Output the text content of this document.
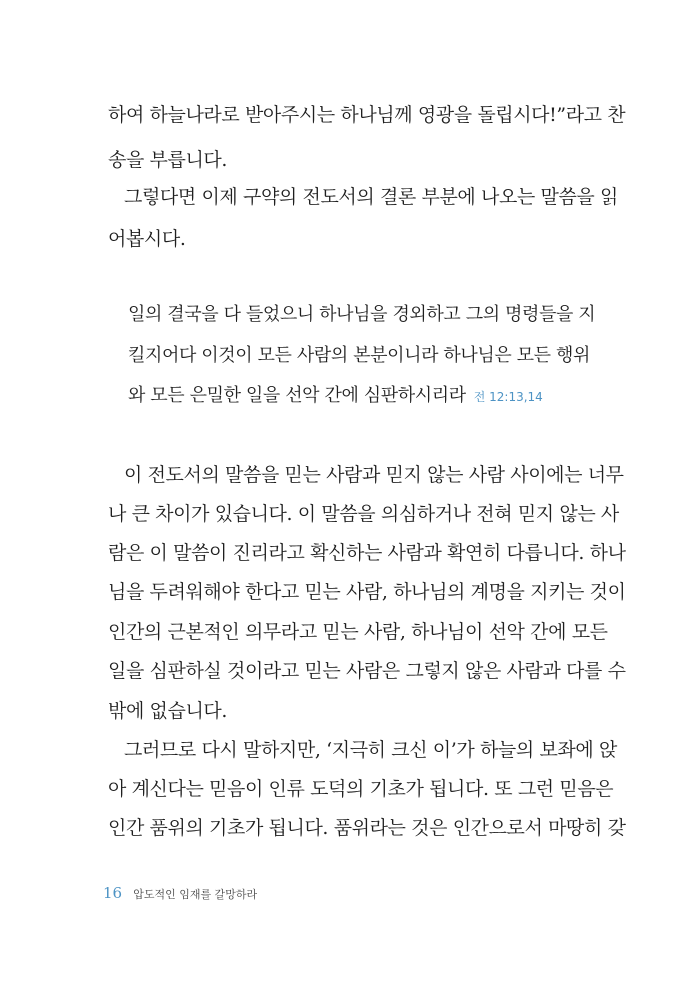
하여 하늘나라로 받아주시는 하나님께 영광을 돌립시다!”라고 찬
송을 부릅니다.
그렇다면 이제 구약의 전도서의 결론 부분에 나오는 말씀을 읽
어봅시다.
일의 결국을 다 들었으니 하나님을 경외하고 그의 명령들을 지
킬지어다 이것이 모든 사람의 본분이니라 하나님은 모든 행위
와 모든 은밀한 일을 선악 간에 심판하시리라 전 12:13,14
이 전도서의 말씀을 믿는 사람과 믿지 않는 사람 사이에는 너무
나 큰 차이가 있습니다. 이 말씀을 의심하거나 전혀 믿지 않는 사
람은 이 말씀이 진리라고 확신하는 사람과 확연히 다릅니다. 하나
님을 두려워해야 한다고 믿는 사람, 하나님의 계명을 지키는 것이
인간의 근본적인 의무라고 믿는 사람, 하나님이 선악 간에 모든
일을 심판하실 것이라고 믿는 사람은 그렇지 않은 사람과 다를 수
밖에 없습니다.
그러므로 다시 말하지만, ‘지극히 크신 이’가 하늘의 보좌에 앉
아 계신다는 믿음이 인류 도덕의 기초가 됩니다. 또 그런 믿음은
인간 품위의 기초가 됩니다. 품위라는 것은 인간으로서 마땅히 갖
16 압도적인 임재를 갈망하라
